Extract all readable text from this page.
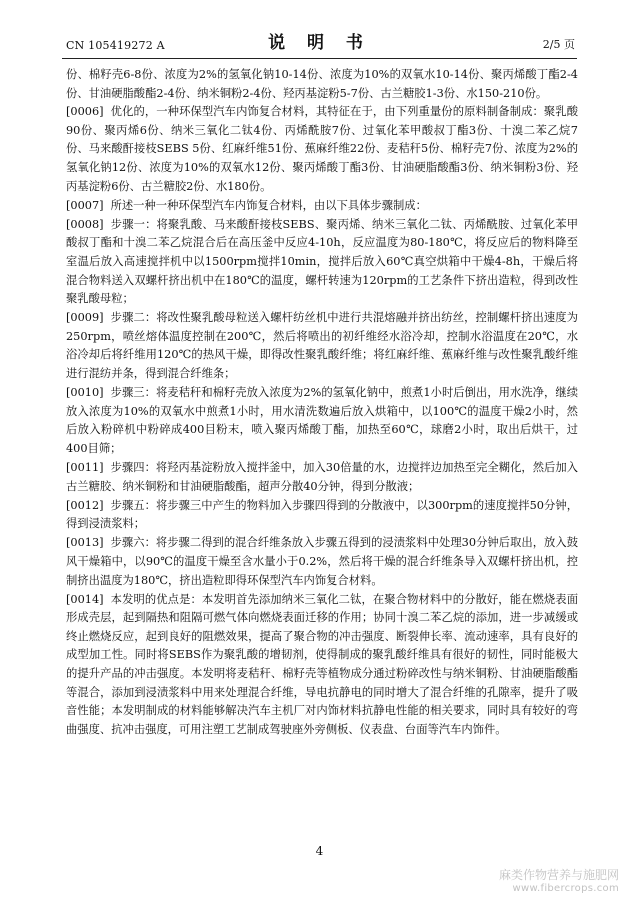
CN 105419272 A	说 明 书	2/5 页

份、棉籽壳6-8份、浓度为2%的氢氧化钠10-14份、浓度为10%的双氧水10-14份、聚丙烯酸丁酯2-4份、甘油硬脂酸酯2-4份、纳米铜粉2-4份、羟丙基淀粉5-7份、古兰糖胶1-3份、水150-210份。

[0006] 优化的，一种环保型汽车内饰复合材料，其特征在于，由下列重量份的原料制备制成：聚乳酸90份、聚丙烯6份、纳米三氧化二钛4份、丙烯酰胺7份、过氧化苯甲酸叔丁酯3份、十溴二苯乙烷7份、马来酸酐接枝SEBS 5份、红麻纤维51份、蕉麻纤维22份、麦秸秆5份、棉籽壳7份、浓度为2%的氢氧化钠12份、浓度为10%的双氧水12份、聚丙烯酸丁酯3份、甘油硬脂酸酯3份、纳米铜粉3份、羟丙基淀粉6份、古兰糖胶2份、水180份。

[0007] 所述一种一种环保型汽车内饰复合材料，由以下具体步骤制成：

[0008] 步骤一：将聚乳酸、马来酸酐接枝SEBS、聚丙烯、纳米三氧化二钛、丙烯酰胺、过氧化苯甲酸叔丁酯和十溴二苯乙烷混合后在高压釜中反应4-10h，反应温度为80-180℃，将反应后的物料降至室温后放入高速搅拌机中以1500rpm搅拌10min，搅拌后放入60℃真空烘箱中干燥4-8h，干燥后将混合物料送入双螺杆挤出机中在180℃的温度，螺杆转速为120rpm的工艺条件下挤出造粒，得到改性聚乳酸母粒；

[0009] 步骤二：将改性聚乳酸母粒送入螺杆纺丝机中进行共混熔融并挤出纺丝，控制螺杆挤出速度为250rpm，喷丝熔体温度控制在200℃，然后将喷出的初纤维经水浴冷却，控制水浴温度在20℃，水浴冷却后将纤维用120℃的热风干燥，即得改性聚乳酸纤维；将红麻纤维、蕉麻纤维与改性聚乳酸纤维进行混纺并条，得到混合纤维条；

[0010] 步骤三：将麦秸秆和棉籽壳放入浓度为2%的氢氧化钠中，煎煮1小时后倒出，用水洗净，继续放入浓度为10%的双氧水中煎煮1小时，用水清洗数遍后放入烘箱中，以100℃的温度干燥2小时，然后放入粉碎机中粉碎成400目粉末，喷入聚丙烯酸丁酯，加热至60℃，球磨2小时，取出后烘干，过400目筛；

[0011] 步骤四：将羟丙基淀粉放入搅拌釜中，加入30倍量的水，边搅拌边加热至完全糊化，然后加入古兰糖胶、纳米铜粉和甘油硬脂酸酯，超声分散40分钟，得到分散液；

[0012] 步骤五：将步骤三中产生的物料加入步骤四得到的分散液中，以300rpm的速度搅拌50分钟，得到浸渍浆料；

[0013] 步骤六：将步骤二得到的混合纤维条放入步骤五得到的浸渍浆料中处理30分钟后取出，放入鼓风干燥箱中，以90℃的温度干燥至含水量小于0.2%，然后将干燥的混合纤维条导入双螺杆挤出机，控制挤出温度为180℃，挤出造粒即得环保型汽车内饰复合材料。

[0014] 本发明的优点是：本发明首先添加纳米三氧化二钛，在聚合物材料中的分散好，能在燃烧表面形成壳层，起到隔热和阻隔可燃气体向燃烧表面迁移的作用；协同十溴二苯乙烷的添加，进一步减缓或终止燃烧反应，起到良好的阻燃效果，提高了聚合物的冲击强度、断裂伸长率、流动速率，具有良好的成型加工性。同时将SEBS作为聚乳酸的增韧剂，使得制成的聚乳酸纤维具有很好的韧性，同时能极大的提升产品的冲击强度。本发明将麦秸秆、棉籽壳等植物成分通过粉碎改性与纳米铜粉、甘油硬脂酸酯等混合，添加到浸渍浆料中用来处理混合纤维，导电抗静电的同时增大了混合纤维的孔隙率，提升了吸音性能；本发明制成的材料能够解决汽车主机厂对内饰材料抗静电性能的相关要求，同时具有较好的弯曲强度、抗冲击强度，可用注塑工艺制成驾驶座外旁侧板、仪表盘、台面等汽车内饰件。

4
麻类作物营养与施肥网
www.fibercrops.com
